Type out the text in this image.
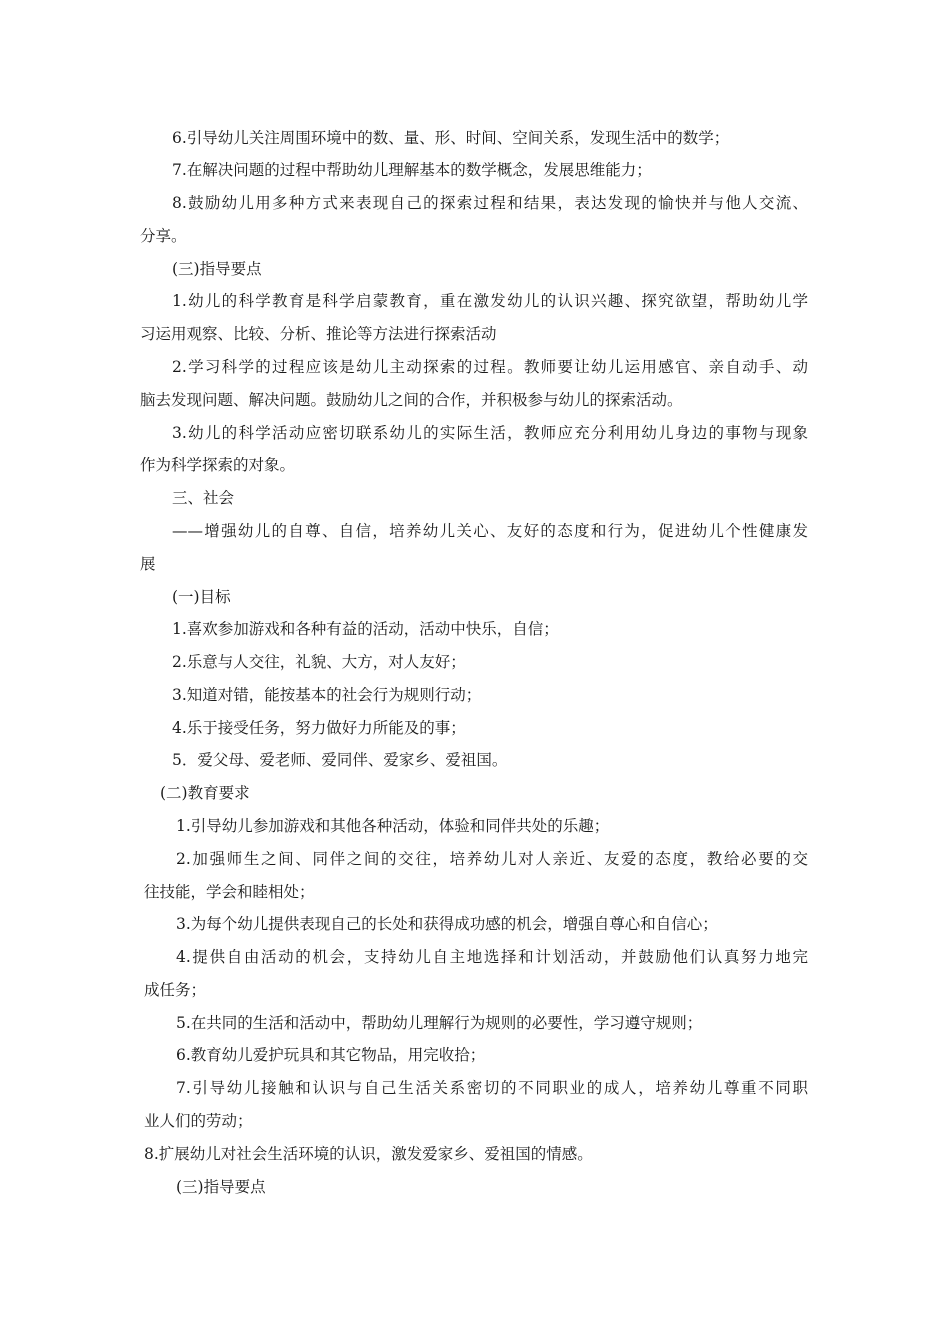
6.引导幼儿关注周围环境中的数、量、形、时间、空间关系，发现生活中的数学；
7.在解决问题的过程中帮助幼儿理解基本的数学概念，发展思维能力；
8.鼓励幼儿用多种方式来表现自己的探索过程和结果，表达发现的愉快并与他人交流、
分享。
(三)指导要点
1.幼儿的科学教育是科学启蒙教育，重在激发幼儿的认识兴趣、探究欲望，帮助幼儿学
习运用观察、比较、分析、推论等方法进行探索活动
2.学习科学的过程应该是幼儿主动探索的过程。教师要让幼儿运用感官、亲自动手、动
脑去发现问题、解决问题。鼓励幼儿之间的合作，并积极参与幼儿的探索活动。
3.幼儿的科学活动应密切联系幼儿的实际生活，教师应充分利用幼儿身边的事物与现象
作为科学探索的对象。
三、社会
——增强幼儿的自尊、自信，培养幼儿关心、友好的态度和行为，促进幼儿个性健康发
展
(一)目标
1.喜欢参加游戏和各种有益的活动，活动中快乐，自信；
2.乐意与人交往，礼貌、大方，对人友好；
3.知道对错，能按基本的社会行为规则行动；
4.乐于接受任务，努力做好力所能及的事；
5．爱父母、爱老师、爱同伴、爱家乡、爱祖国。
(二)教育要求
1.引导幼儿参加游戏和其他各种活动，体验和同伴共处的乐趣；
2.加强师生之间、同伴之间的交往，培养幼儿对人亲近、友爱的态度，教给必要的交
往技能，学会和睦相处；
3.为每个幼儿提供表现自己的长处和获得成功感的机会，增强自尊心和自信心；
4.提供自由活动的机会，支持幼儿自主地选择和计划活动，并鼓励他们认真努力地完
成任务；
5.在共同的生活和活动中，帮助幼儿理解行为规则的必要性，学习遵守规则；
6.教育幼儿爱护玩具和其它物品，用完收拾；
7.引导幼儿接触和认识与自己生活关系密切的不同职业的成人，培养幼儿尊重不同职
业人们的劳动；
8.扩展幼儿对社会生活环境的认识，激发爱家乡、爱祖国的情感。
(三)指导要点
